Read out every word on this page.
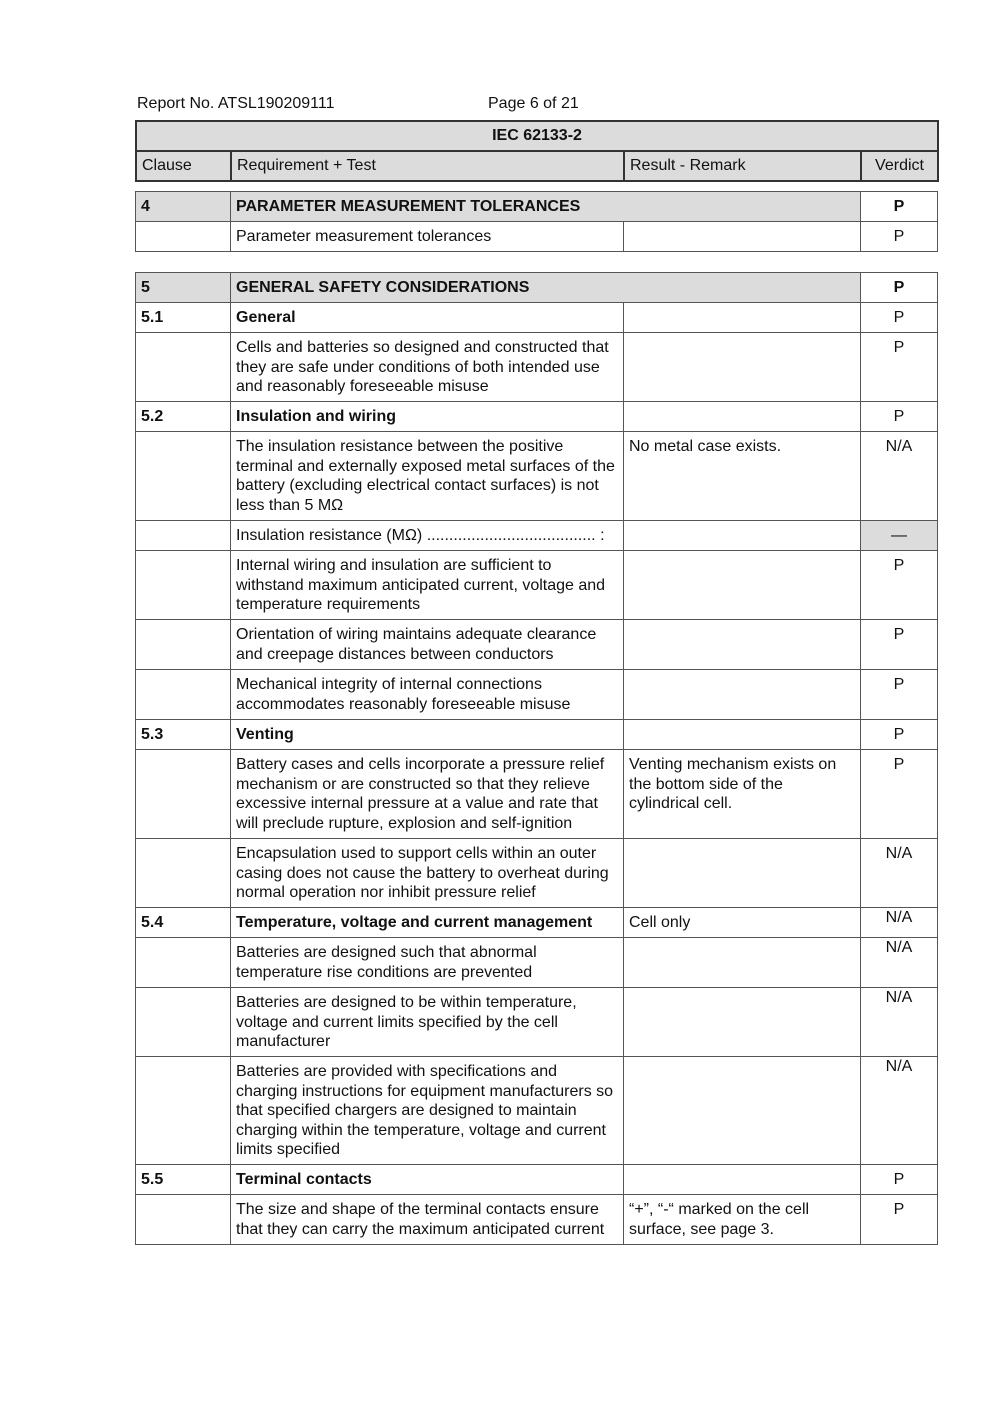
Report No. ATSL190209111	Page 6 of 21
IEC 62133-2
Clause	Requirement + Test	Result - Remark	Verdict
4	PARAMETER MEASUREMENT TOLERANCES		P
	Parameter measurement tolerances		P
5	GENERAL SAFETY CONSIDERATIONS		P
5.1	General		P
	Cells and batteries so designed and constructed that they are safe under conditions of both intended use and reasonably foreseeable misuse		P
5.2	Insulation and wiring		P
	The insulation resistance between the positive terminal and externally exposed metal surfaces of the battery (excluding electrical contact surfaces) is not less than 5 MΩ	No metal case exists.	N/A
	Insulation resistance (MΩ) ...................................... :		—
	Internal wiring and insulation are sufficient to withstand maximum anticipated current, voltage and temperature requirements		P
	Orientation of wiring maintains adequate clearance and creepage distances between conductors		P
	Mechanical integrity of internal connections accommodates reasonably foreseeable misuse		P
5.3	Venting		P
	Battery cases and cells incorporate a pressure relief mechanism or are constructed so that they relieve excessive internal pressure at a value and rate that will preclude rupture, explosion and self-ignition	Venting mechanism exists on the bottom side of the cylindrical cell.	P
	Encapsulation used to support cells within an outer casing does not cause the battery to overheat during normal operation nor inhibit pressure relief		N/A
5.4	Temperature, voltage and current management	Cell only	N/A
	Batteries are designed such that abnormal temperature rise conditions are prevented		N/A
	Batteries are designed to be within temperature, voltage and current limits specified by the cell manufacturer		N/A
	Batteries are provided with specifications and charging instructions for equipment manufacturers so that specified chargers are designed to maintain charging within the temperature, voltage and current limits specified		N/A
5.5	Terminal contacts		P
	The size and shape of the terminal contacts ensure that they can carry the maximum anticipated current	“+”, “-“ marked on the cell surface, see page 3.	P
